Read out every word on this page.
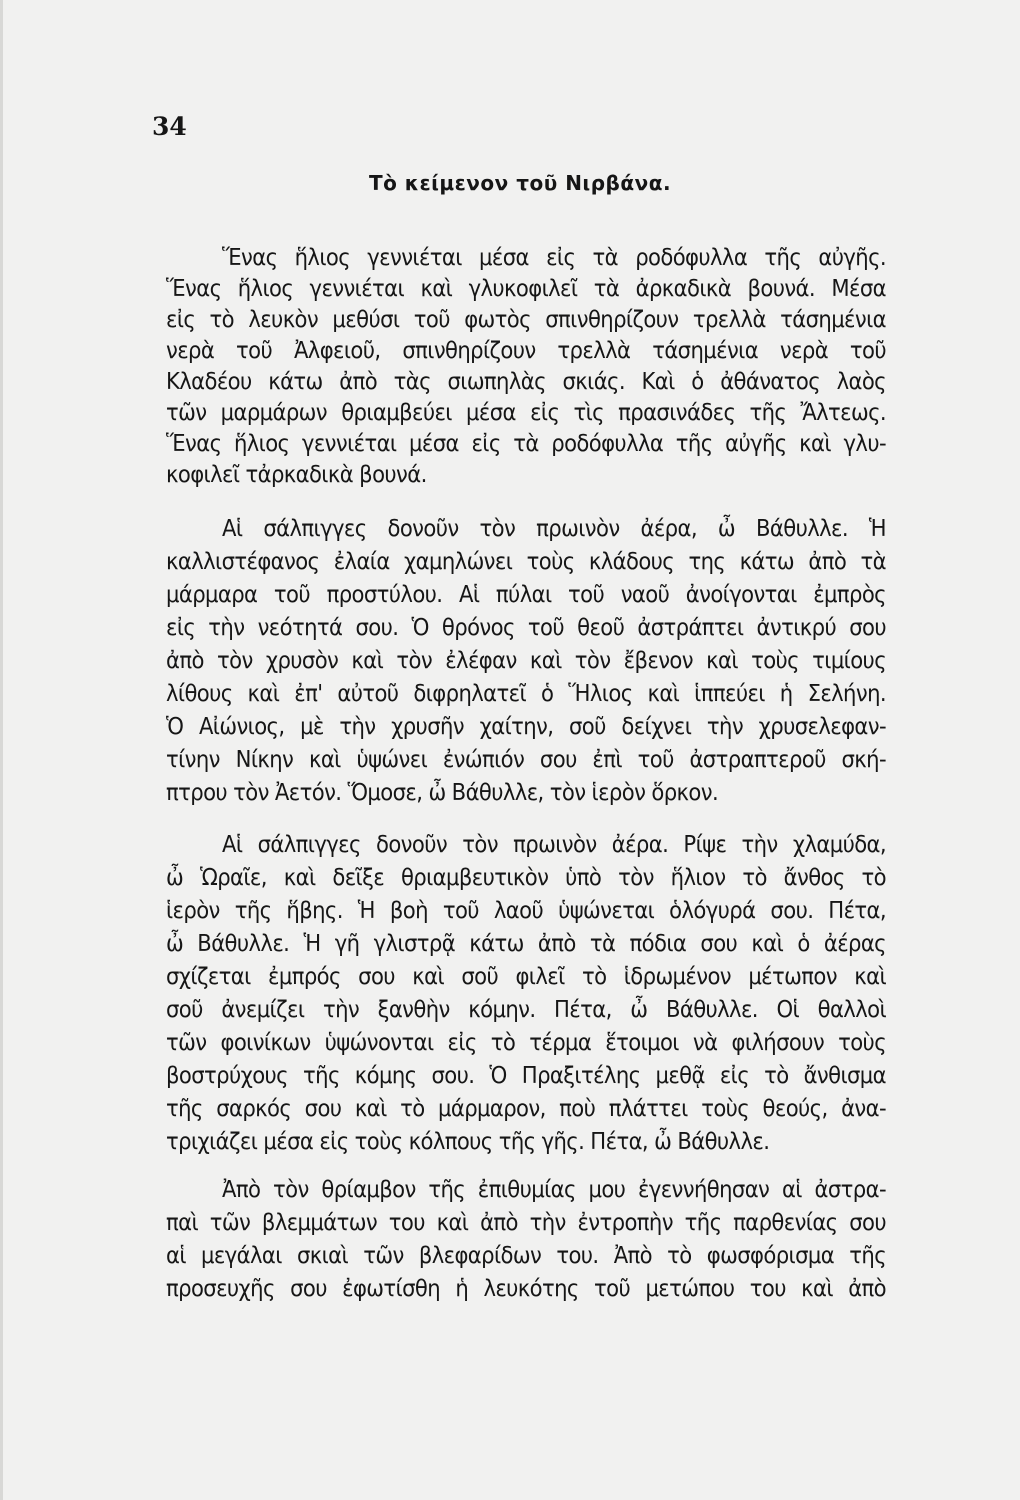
34
Τὸ κείμενον τοῦ Νιρβάνα.
Ἕνας ἥλιος γεννιέται μέσα εἰς τὰ ροδόφυλλα τῆς αὐγῆς.
Ἕνας ἥλιος γεννιέται καὶ γλυκοφιλεῖ τὰ ἀρκαδικὰ βουνά. Μέσα
εἰς τὸ λευκὸν μεθύσι τοῦ φωτὸς σπινθηρίζουν τρελλὰ τάσημένια
νερὰ τοῦ Ἀλφειοῦ, σπινθηρίζουν τρελλὰ τάσημένια νερὰ τοῦ
Κλαδέου κάτω ἀπὸ τὰς σιωπηλὰς σκιάς. Καὶ ὁ ἀθάνατος λαὸς
τῶν μαρμάρων θριαμβεύει μέσα εἰς τὶς πρασινάδες τῆς Ἄλτεως.
Ἕνας ἥλιος γεννιέται μέσα εἰς τὰ ροδόφυλλα τῆς αὐγῆς καὶ γλυ-
κοφιλεῖ τἀρκαδικὰ βουνά.
Αἱ σάλπιγγες δονοῦν τὸν πρωινὸν ἀέρα, ὦ Βάθυλλε. Ἡ
καλλιστέφανος ἐλαία χαμηλώνει τοὺς κλάδους της κάτω ἀπὸ τὰ
μάρμαρα τοῦ προστύλου. Αἱ πύλαι τοῦ ναοῦ ἀνοίγονται ἐμπρὸς
εἰς τὴν νεότητά σου. Ὁ θρόνος τοῦ θεοῦ ἀστράπτει ἀντικρύ σου
ἀπὸ τὸν χρυσὸν καὶ τὸν ἐλέφαν καὶ τὸν ἔβενον καὶ τοὺς τιμίους
λίθους καὶ ἐπ' αὐτοῦ διφρηλατεῖ ὁ Ἥλιος καὶ ἱππεύει ἡ Σελήνη.
Ὁ Αἰώνιος, μὲ τὴν χρυσῆν χαίτην, σοῦ δείχνει τὴν χρυσελεφαν-
τίνην Νίκην καὶ ὑψώνει ἐνώπιόν σου ἐπὶ τοῦ ἀστραπτεροῦ σκή-
πτρου τὸν Ἀετόν. Ὅμοσε, ὦ Βάθυλλε, τὸν ἱερὸν ὅρκον.
Αἱ σάλπιγγες δονοῦν τὸν πρωινὸν ἀέρα. Ρίψε τὴν χλαμύδα,
ὦ Ὡραῖε, καὶ δεῖξε θριαμβευτικὸν ὑπὸ τὸν ἥλιον τὸ ἄνθος τὸ
ἱερὸν τῆς ἥβης. Ἡ βοὴ τοῦ λαοῦ ὑψώνεται ὁλόγυρά σου. Πέτα,
ὦ Βάθυλλε. Ἡ γῆ γλιστρᾷ κάτω ἀπὸ τὰ πόδια σου καὶ ὁ ἀέρας
σχίζεται ἐμπρός σου καὶ σοῦ φιλεῖ τὸ ἱδρωμένον μέτωπον καὶ
σοῦ ἀνεμίζει τὴν ξανθὴν κόμην. Πέτα, ὦ Βάθυλλε. Οἱ θαλλοὶ
τῶν φοινίκων ὑψώνονται εἰς τὸ τέρμα ἕτοιμοι νὰ φιλήσουν τοὺς
βοστρύχους τῆς κόμης σου. Ὁ Πραξιτέλης μεθᾷ εἰς τὸ ἄνθισμα
τῆς σαρκός σου καὶ τὸ μάρμαρον, ποὺ πλάττει τοὺς θεούς, ἀνα-
τριχιάζει μέσα εἰς τοὺς κόλπους τῆς γῆς. Πέτα, ὦ Βάθυλλε.
Ἀπὸ τὸν θρίαμβον τῆς ἐπιθυμίας μου ἐγεννήθησαν αἱ ἀστρα-
παὶ τῶν βλεμμάτων του καὶ ἀπὸ τὴν ἐντροπὴν τῆς παρθενίας σου
αἱ μεγάλαι σκιαὶ τῶν βλεφαρίδων του. Ἀπὸ τὸ φωσφόρισμα τῆς
προσευχῆς σου ἐφωτίσθη ἡ λευκότης τοῦ μετώπου του καὶ ἀπὸ
